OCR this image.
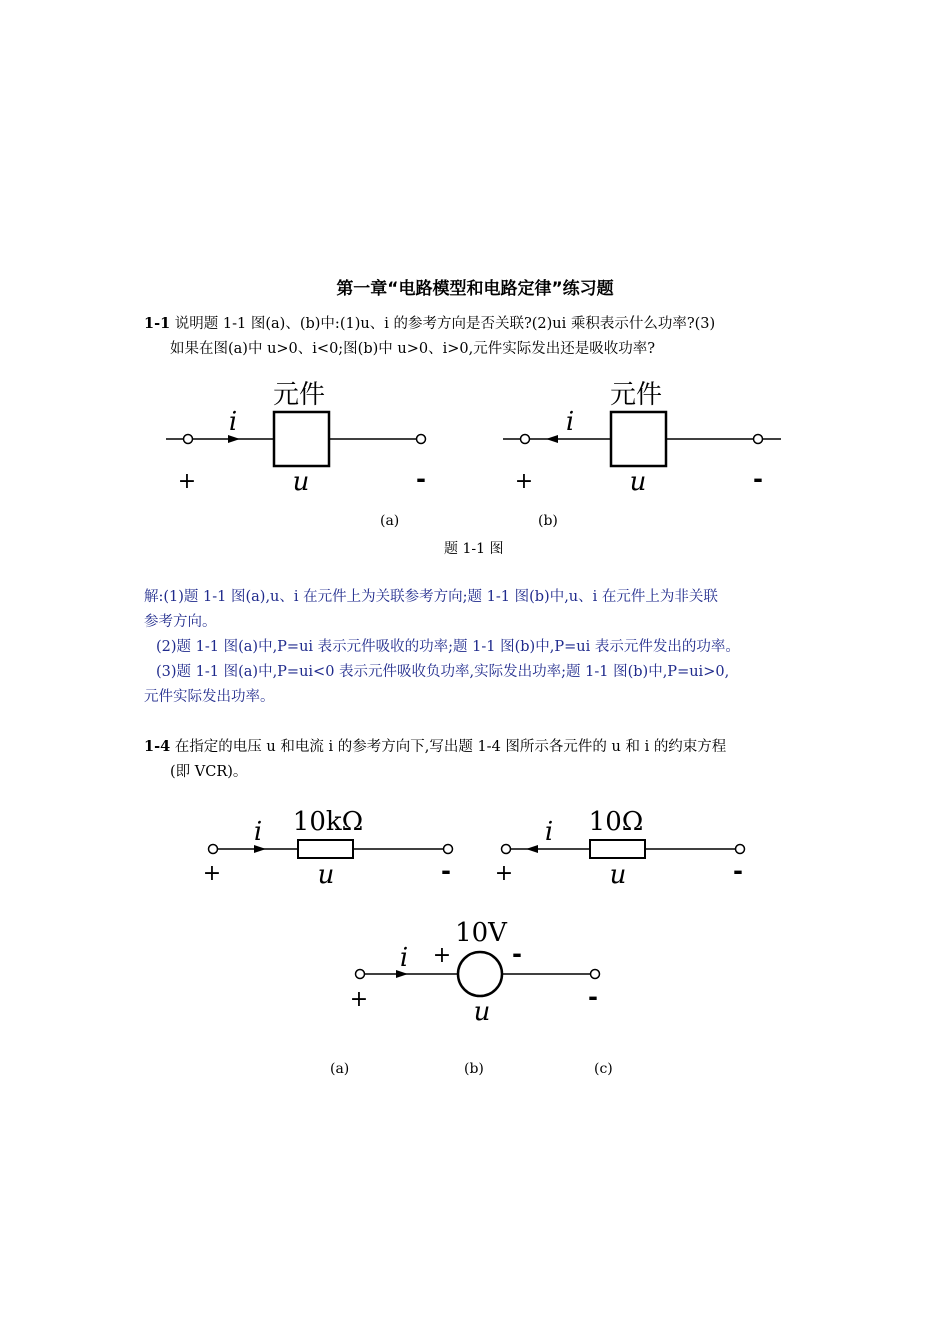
第一章“电路模型和电路定律”练习题
1-1 说明题 1-1 图(a)、(b)中:(1)u、i 的参考方向是否关联?(2)ui 乘积表示什么功率?(3)
如果在图(a)中 u>0、i<0;图(b)中 u>0、i>0,元件实际发出还是吸收功率?
元件
i
+	u	-
元件
i
+	u	-
(a)	(b)
题 1-1 图
解:(1)题 1-1 图(a),u、i 在元件上为关联参考方向;题 1-1 图(b)中,u、i 在元件上为非关联
参考方向。
(2)题 1-1 图(a)中,P=ui 表示元件吸收的功率;题 1-1 图(b)中,P=ui 表示元件发出的功率。
(3)题 1-1 图(a)中,P=ui<0 表示元件吸收负功率,实际发出功率;题 1-1 图(b)中,P=ui>0,
元件实际发出功率。
1-4 在指定的电压 u 和电流 i 的参考方向下,写出题 1-4 图所示各元件的 u 和 i 的约束方程
(即 VCR)。
10kΩ
i
+	u	-
10Ω
i
+	u	-
10V
i +	-
+	u	-
(a)	(b)	(c)
